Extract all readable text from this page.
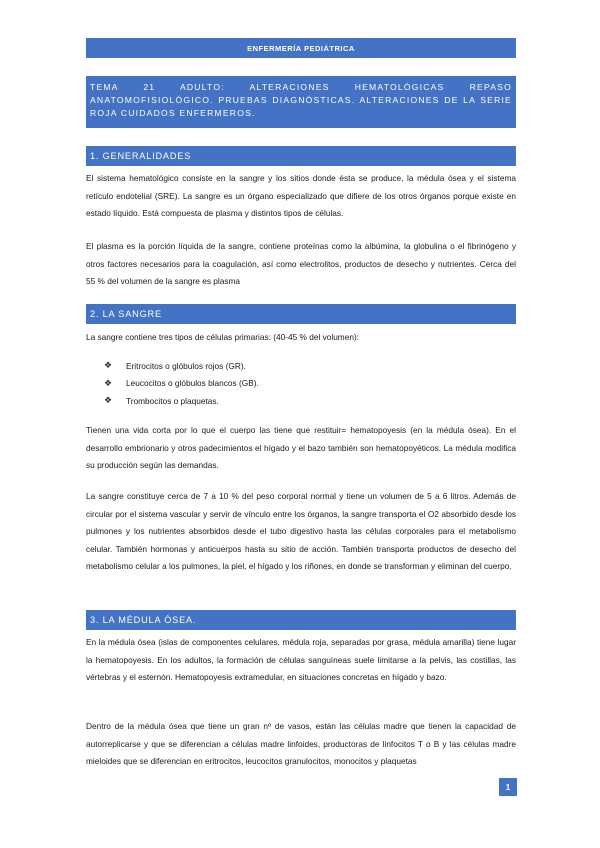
ENFERMERÍA PEDIÁTRICA
TEMA 21 ADULTO: ALTERACIONES HEMATOLÓGICAS REPASO ANATOMOFISIOLÓGICO. PRUEBAS DIAGNÓSTICAS. ALTERACIONES DE LA SERIE ROJA CUIDADOS ENFERMEROS.
1. GENERALIDADES

El sistema hematológico consiste en la sangre y los sitios donde ésta se produce, la médula ósea y el sistema retículo endotelial (SRE). La sangre es un órgano especializado que difiere de los otros órganos porque existe en estado líquido. Está compuesta de plasma y distintos tipos de células.

El plasma es la porción líquida de la sangre, contiene proteínas como la albúmina, la globulina o el fibrinógeno y otros factores necesarios para la coagulación, así como electrolitos, productos de desecho y nutrientes. Cerca del 55 % del volumen de la sangre es plasma

2. LA SANGRE

La sangre contiene tres tipos de células primarias: (40-45 % del volumen):

❖	Eritrocitos o glóbulos rojos (GR).
❖	Leucocitos o glóbulos blancos (GB).
❖	Trombocitos o plaquetas.

Tienen una vida corta por lo que el cuerpo las tiene que restituir= hematopoyesis (en la médula ósea). En el desarrollo embrionario y otros padecimientos el hígado y el bazo también son hematopoyéticos. La médula modifica su producción según las demandas.

La sangre constituye cerca de 7 a 10 % del peso corporal normal y tiene un volumen de 5 a 6 litros. Además de circular por el sistema vascular y servir de vínculo entre los órganos, la sangre transporta el O2 absorbido desde los pulmones y los nutrientes absorbidos desde el tubo digestivo hasta las células corporales para el metabolismo celular. También hormonas y anticuerpos hasta su sitio de acción. También transporta productos de desecho del metabolismo celular a los pulmones, la piel, el hígado y los riñones, en donde se transforman y eliminan del cuerpo.

3. LA MÉDULA ÓSEA.

En la médula ósea (islas de componentes celulares, médula roja, separadas por grasa, médula amarilla) tiene lugar la hematopoyesis. En los adultos, la formación de células sanguíneas suele limitarse a la pelvis, las costillas, las vértebras y el esternón. Hematopoyesis extramedular, en situaciones concretas en hígado y bazo.

Dentro de la médula ósea que tiene un gran nº de vasos, están las células madre que tienen la capacidad de autorreplicarse y que se diferencian a células madre linfoides, productoras de linfocitos T o B y las células madre mieloides que se diferencian en eritrocitos, leucocitos granulocitos, monocitos y plaquetas

1
